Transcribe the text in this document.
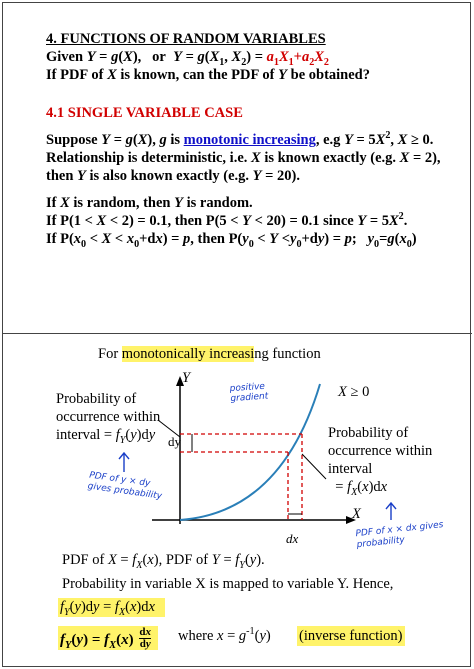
4. FUNCTIONS OF RANDOM VARIABLES

Given Y = g(X),   or  $Y = g(X_1$, $X_2) = a_1X_1+a_2X_2$

If PDF of X is known, can the PDF of Y be obtained?

4.1 SINGLE VARIABLE CASE

Suppose Y = g(X), g is monotonic increasing, e.g $Y = 5X^2$, X ≥ 0.

Relationship is deterministic, i.e. X is known exactly (e.g. X = 2),

then Y is also known exactly (e.g. Y = 20).

If X is random, then Y is random.

If P(1 < X < 2) = 0.1, then P(5 < Y < 20) = 0.1 since $Y = 5X^2$.

If $P(x_0 < X < x_0+dx) = p$, then $P(y_0 < Y <y_0+dy) = p$;   $y_0=g(x_0)$

For monotonically increasing function
Y
X
X ≥ 0
Probability of
occurrence within
interval = $f_Y(y)dy$ dy
dx
Probability of
occurrence within
interval
= $f_X(x)dx$
positive gradient
PDF of y × dy gives probability
PDF of x × dx gives probability
PDF of $X = f_X(x)$, PDF of $Y = f_Y(y)$.
Probability in variable X is mapped to variable Y. Hence,
$f_Y(y)dy = f_X(x)dx$
$f_Y(y) = f_X(x) \frac{dx}{dy}$ where $x = g^{-1}(y)$ (inverse function)
